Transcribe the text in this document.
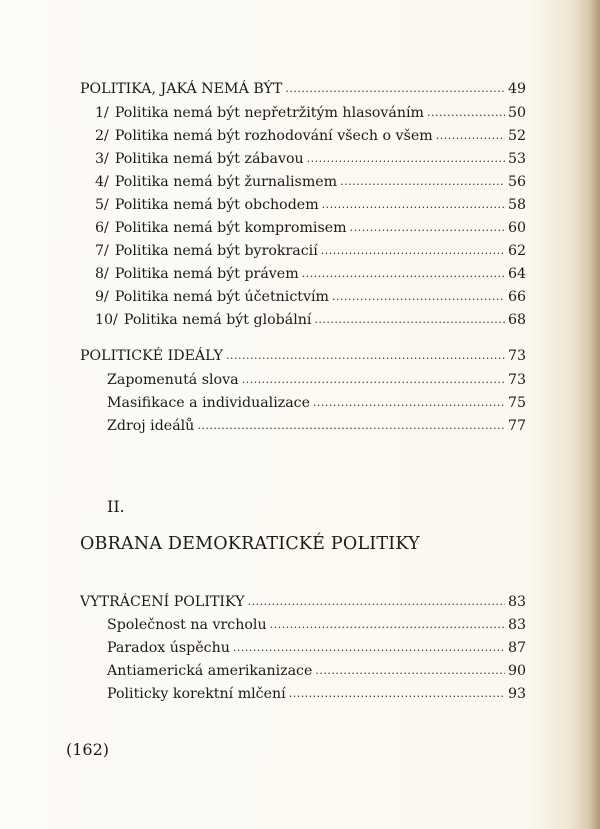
POLITIKA, JAKÁ NEMÁ BÝT .....	49
1/ Politika nemá být nepřetržitým hlasováním .....	50
2/ Politika nemá být rozhodování všech o všem .....	52
3/ Politika nemá být zábavou .....	53
4/ Politika nemá být žurnalismem .....	56
5/ Politika nemá být obchodem .....	58
6/ Politika nemá být kompromisem .....	60
7/ Politika nemá být byrokracií .....	62
8/ Politika nemá být právem .....	64
9/ Politika nemá být účetnictvím .....	66
10/ Politika nemá být globální .....	68
POLITICKÉ IDEÁLY .....	73
Zapomenutá slova .....	73
Masifikace a individualizace .....	75
Zdroj ideálů .....	77
II.
OBRANA DEMOKRATICKÉ POLITIKY
VYTRÁCENÍ POLITIKY .....	83
Společnost na vrcholu .....	83
Paradox úspěchu .....	87
Antiamerická amerikanizace .....	90
Politicky korektní mlčení .....	93
(162)
